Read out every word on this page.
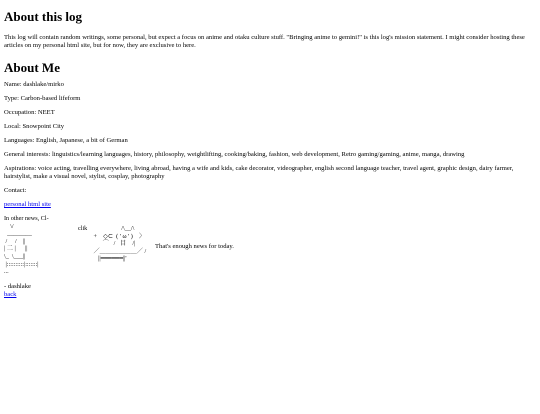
About this log

This log will contain random writings, some personal, but expect a focus on anime and otaku culture stuff. "Bringing anime to gemini!" is this log's mission statement. I might consider hosting these articles on my personal html site, but for now, they are exclusive to here.

About Me

Name: dashlake/mirko

Type: Carbon-based lifeform

Occupation: NEET

Local: Snowpoint City

Languages: English, Japanese, a bit of German

General interests: linguistics/learning languages, history, philosophy, weightlifting, cooking/baking, fashion, web development, Retro gaming/gaming, anime, manga, drawing

Aspirations: voice acting, travelling everywhere, living abroad, having a wife and kids, cake decorator, videographer, english second language teacher, travel agent, graphic design, dairy farmer, hairstylist, make a visual novel, stylist, cosplay, photography

Contact:

personal html site

In other news, Cl-
\/
________
/     /    ||
| 二 |      ||
\_  \___||
|::::::::::|:::::::|
...
clik                      /\__/\
+    ◇⊂  ( ' ω ' )    〉
⌒   /   目    /|
／＿＿＿＿＿＿／ /
||━━━━━━||'
That's enough news for today.

- dashlake

back
